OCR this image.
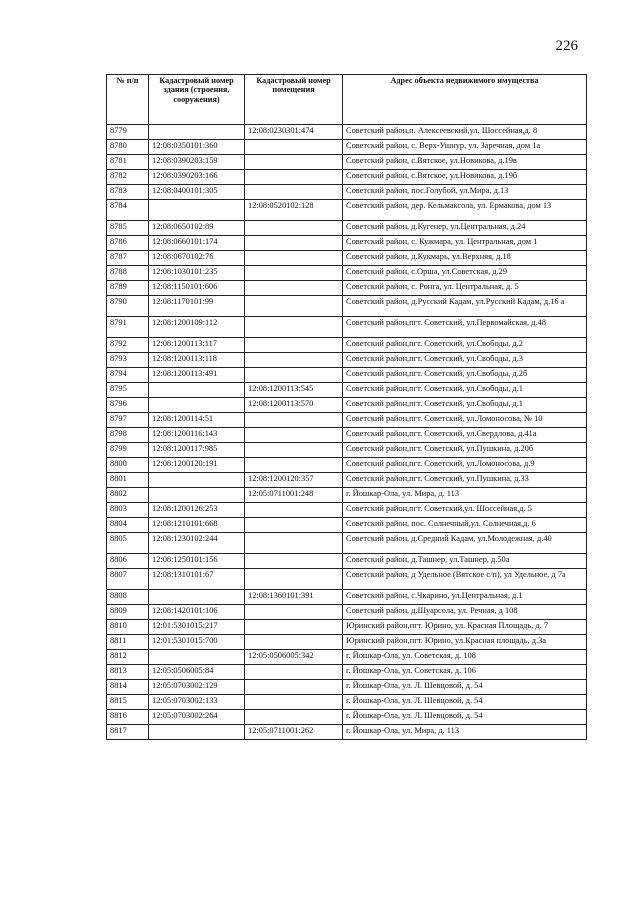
226
№ п/п	Кадастровый номер здания (строения, сооружения)	Кадастровый номер помещения	Адрес объекта недвижимого имущества
8779		12:08:0230301:474	Советский район,п. Алексеевский,ул. Шоссейная,д. 8
8780	12:08:0350101:360		Советский район, с. Верх-Ушнур, ул. Заречная, дом 1а
8781	12:08:0390203:159		Советский район, с.Вятское, ул.Новикова, д.19в
8782	12:08:0390203:166		Советский район, с.Вятское, ул.Новикова, д.19б
8783	12:08:0400101:305		Советский район, пос.Голубой, ул.Мира, д.13
8784		12:08:0520102:128	Советский район, дер. Кельмаксола, ул. Ермакова, дом 13
8785	12:08:0650102:89		Советский район, д.Кугенер, ул.Центральная, д.24
8786	12:08:0660101:174		Советский район, с. Кужмара, ул. Центральная, дом 1
8787	12:08:0670102:76		Советский район, д.Кукмарь, ул.Верхняя, д.18
8788	12:08:1030101:235		Советский район, с.Орша, ул.Советская, д.29
8789	12:08:1150101:606		Советский район, с. Ронга, ул. Центральная, д. 5
8790	12:08:1170101:99		Советский район, д.Русский Кадам, ул.Русский Кадам, д.16 а
8791	12:08:1200109:112		Советский район,пгт. Советский, ул.Первомайская, д.48
8792	12:08:1200113:117		Советский район,пгт. Советский, ул.Свободы, д.2
8793	12:08:1200113:118		Советский район,пгт. Советский, ул.Свободы, д.3
8794	12:08:1200113:491		Советский район,пгт. Советский, ул.Свободы, д.2б
8795		12:08:1200113:545	Советский район,пгт. Советский, ул.Свободы, д.1
8796		12:08:1200113:570	Советский район,пгт. Советский, ул.Свободы, д.1
8797	12:08:1200114:51		Советский район,пгт. Советский, ул.Ломоносова, № 10
8798	12:08:1200116:143		Советский район,пгт. Советский, ул.Свердлова, д.41а
8799	12:08:1200117:985		Советский район,пгт. Советский, ул.Пушкина, д.20б
8800	12:08:1200120:191		Советский район,пгт. Советский, ул.Ломоносова, д.9
8801		12:08:1200120:357	Советский район,пгт. Советский, ул.Пушкина, д.33
8802		12:05:0711001:248	г. Йошкар-Ола, ул. Мира, д. 113
8803	12:08:1200126:253		Советский район,пгт. Советский,ул. Шоссейная,д. 5
8804	12:08:1210101:668		Советский район, пос. Солнечный,ул. Солнечная,д. 6
8805	12:08:1230102:244		Советский район, д.Средний Кадам, ул.Молодежная, д.40
8806	12:08:1250101:156		Советский район, д.Ташнер, ул.Ташнер, д.50а
8807	12:08:1310101:67		Советский район, д Удельное (Вятское с/п), ул Удельное, д 7а
8808		12:08:1360101:391	Советский район, с.Чкарино, ул.Центральная, д.1
8809	12:08:1420101:106		Советский район, д.Шуарсола, ул. Речная, д 108
8810	12:01:5301015:217		Юринский район,пгт. Юрино, ул. Красная Площадь, д. 7
8811	12:01:5301015:700		Юринский район,пгт. Юрино, ул.Красная площадь, д.3а
8812		12:05:0506005:342	г. Йошкар-Ола, ул. Советская, д. 108
8813	12:05:0506005:84		г. Йошкар-Ола, ул. Советская, д. 106
8814	12:05:0703002:129		г. Йошкар-Ола, ул. Л. Шевцовой, д. 54
8815	12:05:0703002:133		г. Йошкар-Ола, ул. Л. Шевцовой, д. 54
8816	12:05:0703002:264		г. Йошкар-Ола, ул. Л. Шевцовой, д. 54
8817		12:05:0711001:262	г. Йошкар-Ола, ул. Мира, д. 113
